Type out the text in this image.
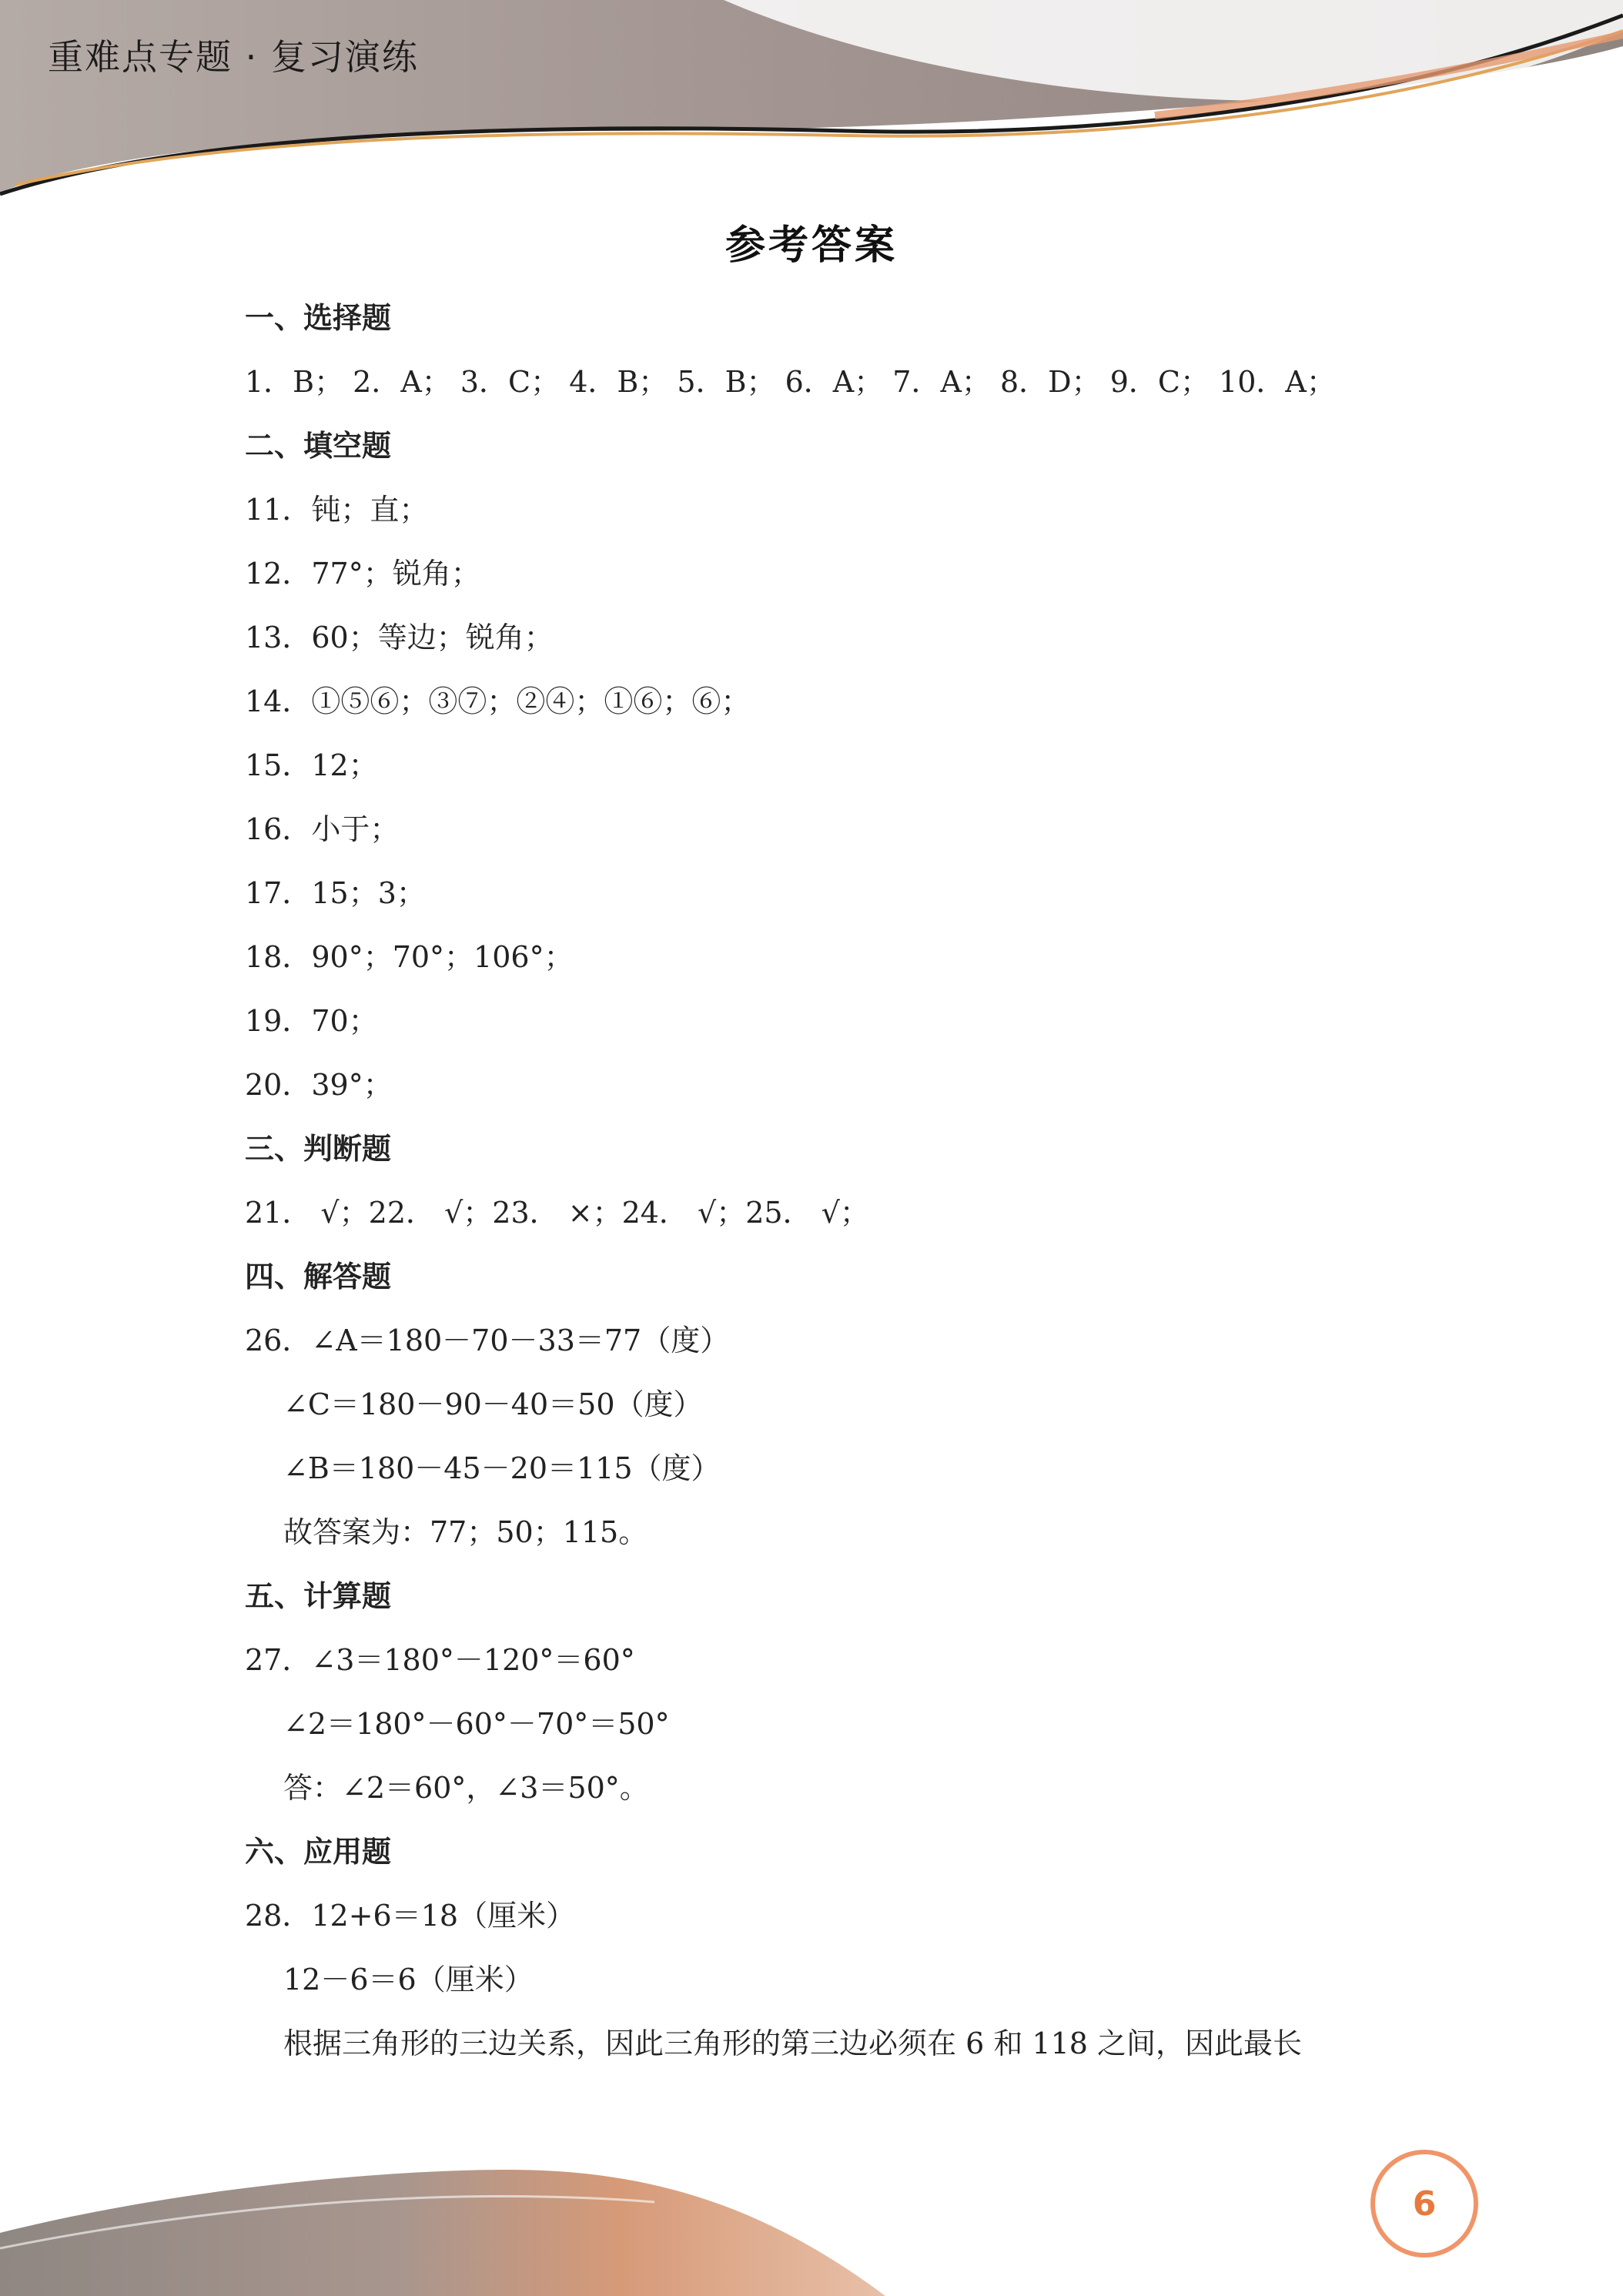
重难点专题 · 复习演练
参考答案
一、选择题
1．B； 2．A； 3．C； 4．B； 5．B； 6．A； 7．A； 8．D； 9．C； 10．A；
二、填空题
11．钝；直；
12．77°；锐角；
13．60；等边；锐角；
14．①⑤⑥；③⑦；②④；①⑥；⑥；
15．12；
16．小于；
17．15；3；
18．90°；70°；106°；
19．70；
20．39°；
三、判断题
21． √；22． √；23． ×；24． √；25． √；
四、解答题
26．∠A＝180－70－33＝77（度）
∠C＝180－90－40＝50（度）
∠B＝180－45－20＝115（度）
故答案为：77；50；115。
五、计算题
27．∠3＝180°－120°＝60°
∠2＝180°－60°－70°＝50°
答：∠2＝60°，∠3＝50°。
六、应用题
28．12+6＝18（厘米）
12－6＝6（厘米）
根据三角形的三边关系，因此三角形的第三边必须在 6 和 118 之间，因此最长
6
